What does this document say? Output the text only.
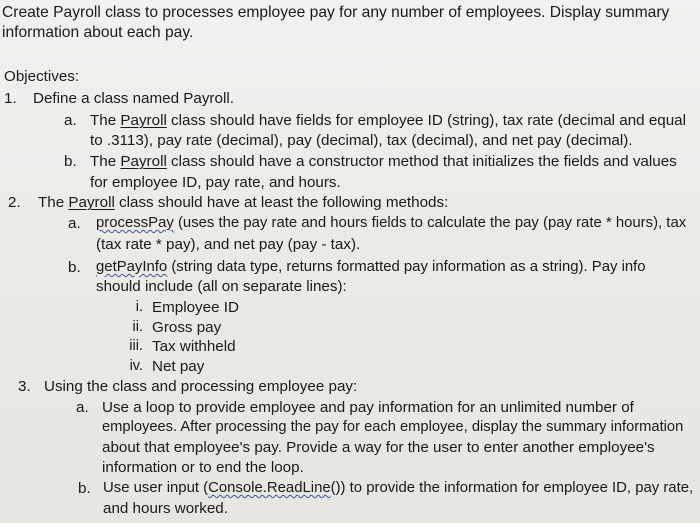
Create Payroll class to processes employee pay for any number of employees. Display summary
information about each pay.
Objectives:
1. Define a class named Payroll.
a. The Payroll class should have fields for employee ID (string), tax rate (decimal and equal
to .3113), pay rate (decimal), pay (decimal), tax (decimal), and net pay (decimal).
b. The Payroll class should have a constructor method that initializes the fields and values
for employee ID, pay rate, and hours.
2. The Payroll class should have at least the following methods:
a. processPay (uses the pay rate and hours fields to calculate the pay (pay rate * hours), tax
(tax rate * pay), and net pay (pay - tax).
b. getPayInfo (string data type, returns formatted pay information as a string). Pay info
should include (all on separate lines):
i. Employee ID
ii. Gross pay
iii. Tax withheld
iv. Net pay
3. Using the class and processing employee pay:
a. Use a loop to provide employee and pay information for an unlimited number of
employees. After processing the pay for each employee, display the summary information
about that employee's pay. Provide a way for the user to enter another employee's
information or to end the loop.
b. Use user input (Console.ReadLine()) to provide the information for employee ID, pay rate,
and hours worked.
